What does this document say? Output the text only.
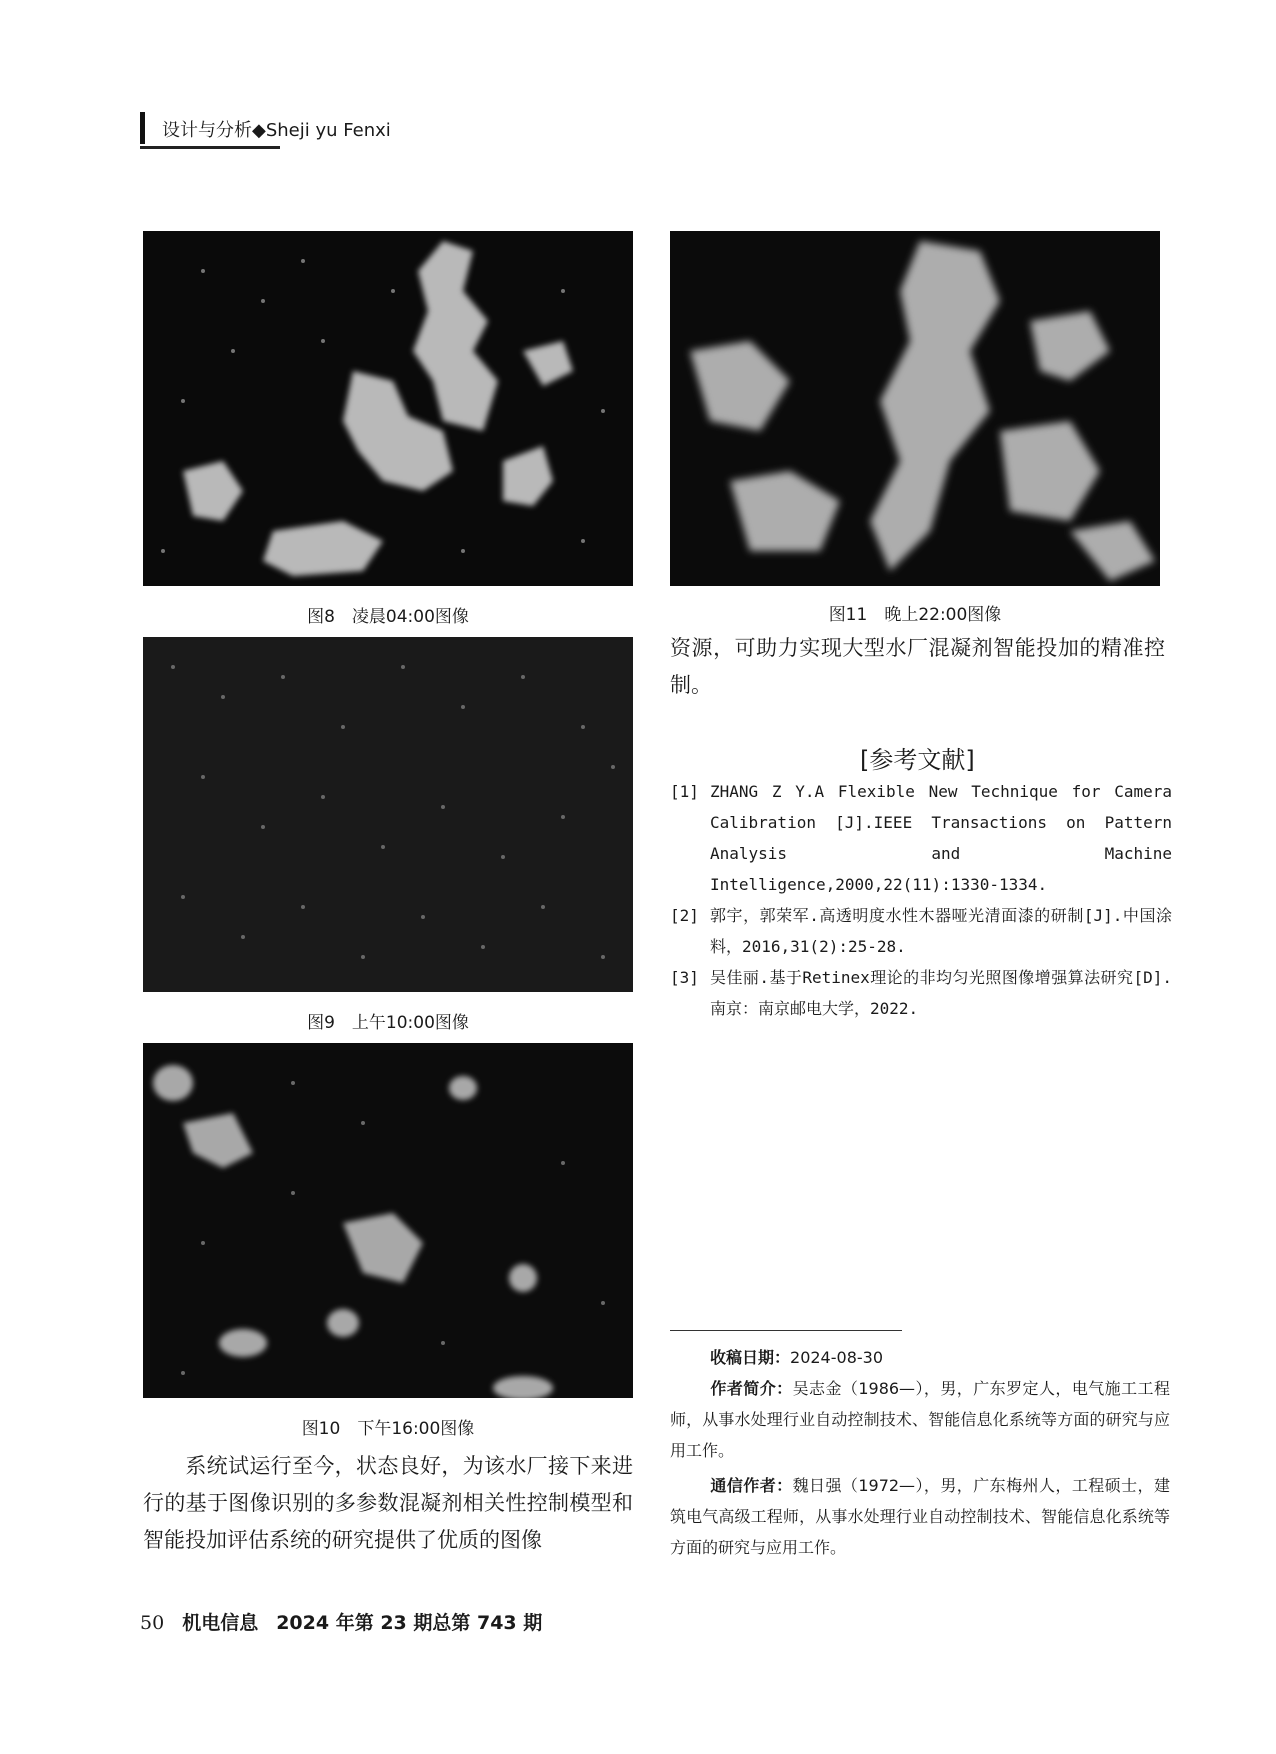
设计与分析◆Sheji yu Fenxi
图8　凌晨04:00图像
图9　上午10:00图像
图10　下午16:00图像
图11　晚上22:00图像
系统试运行至今，状态良好，为该水厂接下来进行的基于图像识别的多参数混凝剂相关性控制模型和智能投加评估系统的研究提供了优质的图像
资源，可助力实现大型水厂混凝剂智能投加的精准控制。
[参考文献]
[1] ZHANG Z Y.A Flexible New Technique for Camera Calibration [J].IEEE Transactions on Pattern Analysis and Machine Intelligence,2000,22(11):1330-1334.
[2] 郭宇，郭荣军.高透明度水性木器哑光清面漆的研制[J].中国涂料，2016,31(2):25-28.
[3] 吴佳丽.基于Retinex理论的非均匀光照图像增强算法研究[D].南京：南京邮电大学，2022.
收稿日期：2024-08-30
作者简介：吴志金（1986—），男，广东罗定人，电气施工工程师，从事水处理行业自动控制技术、智能信息化系统等方面的研究与应用工作。
通信作者：魏日强（1972—），男，广东梅州人，工程硕士，建筑电气高级工程师，从事水处理行业自动控制技术、智能信息化系统等方面的研究与应用工作。
50 机电信息 2024 年第 23 期总第 743 期
